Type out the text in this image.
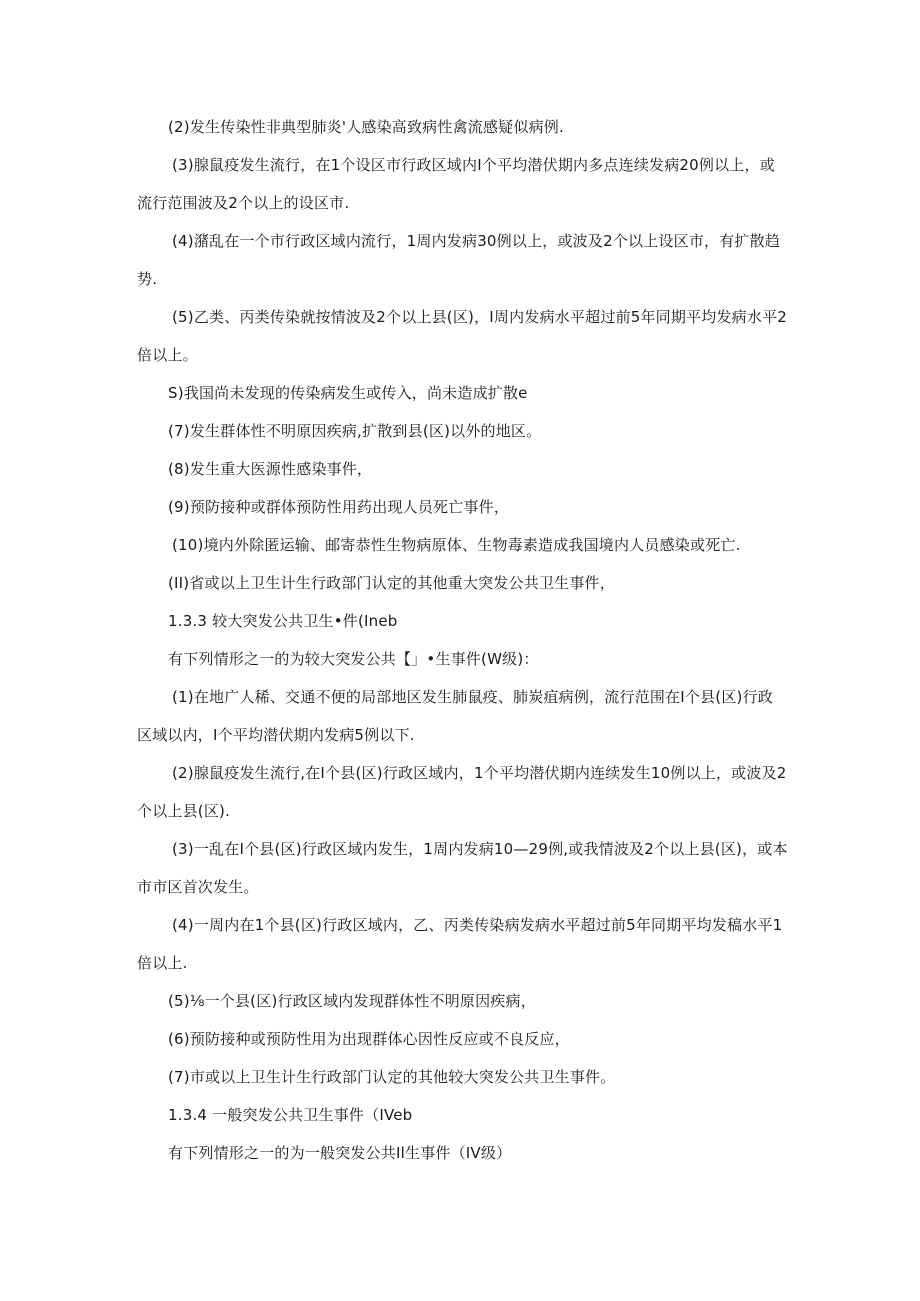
(2)发生传染性非典型肺炎'人感染高致病性禽流感疑似病例.
(3)腺鼠疫发生流行，在1个设区市行政区域内I个平均潜伏期内多点连续发病20例以上，或
流行范围波及2个以上的设区市.
(4)潴乱在一个市行政区域内流行，1周内发病30例以上，或波及2个以上设区市，有扩散趋
势.
(5)乙类、丙类传染就按情波及2个以上县(区)，I周内发病水平超过前5年同期平均发病水平2
倍以上。
S)我国尚未发现的传染病发生或传入，尚未造成扩散e
(7)发生群体性不明原因疾病,扩散到县(区)以外的地区。
(8)发生重大医源性感染事件，
(9)预防接种或群体预防性用药出现人员死亡事件，
(10)境内外除匿运输、邮寄恭性生物病原体、生物毒素造成我国境内人员感染或死亡.
(II)省或以上卫生计生行政部门认定的其他重大突发公共卫生事件，
1.3.3 较大突发公共卫生•件(Ineb
有下列情形之一的为较大突发公共【」•生事件(W级)：
(1)在地广人稀、交通不便的局部地区发生肺鼠疫、肺炭疽病例，流行范围在I个县(区)行政
区域以内，I个平均潜伏期内发病5例以下.
(2)腺鼠疫发生流行,在I个县(区)行政区域内，1个平均潜伏期内连续发生10例以上，或波及2
个以上县(区).
(3)一乱在I个县(区)行政区域内发生，1周内发病10—29例,或我情波及2个以上县(区)，或本
市市区首次发生。
(4)一周内在1个县(区)行政区域内，乙、丙类传染病发病水平超过前5年同期平均发稿水平1
倍以上.
(5)⅛一个县(区)行政区域内发现群体性不明原因疾病，
(6)预防接种或预防性用为出现群体心因性反应或不良反应，
(7)市或以上卫生计生行政部门认定的其他较大突发公共卫生事件。
1.3.4 一般突发公共卫生事件（IVeb
有下列情形之一的为一般突发公共Il生事件（IV级）
